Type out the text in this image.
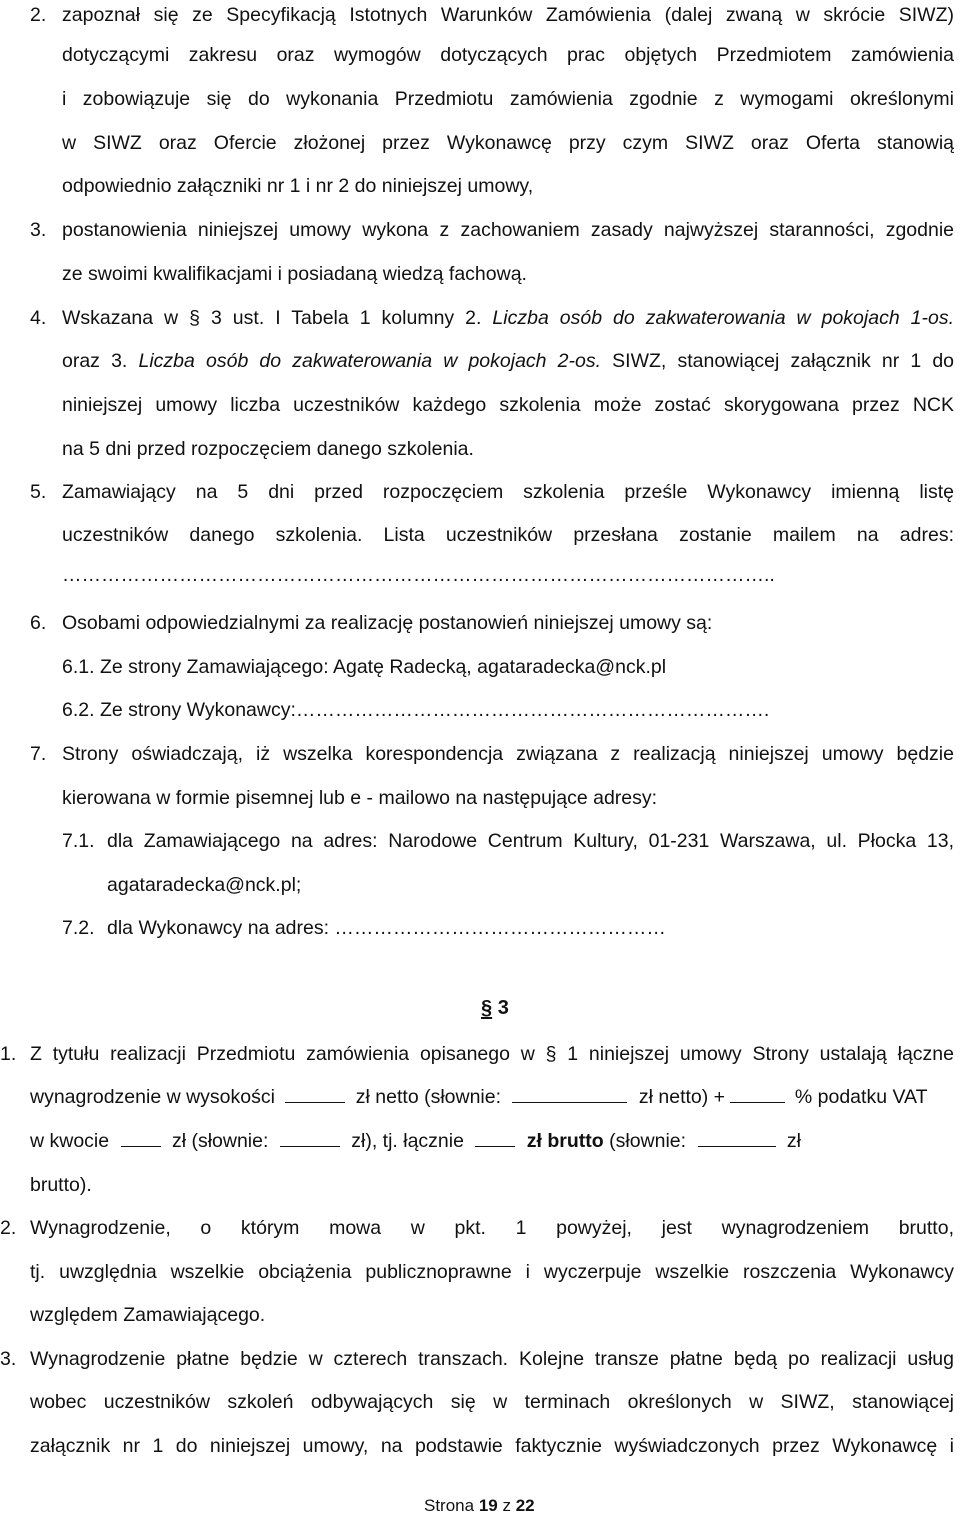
2. zapoznał się ze Specyfikacją Istotnych Warunków Zamówienia (dalej zwaną w skrócie SIWZ)
dotyczącymi zakresu oraz wymogów dotyczących prac objętych Przedmiotem zamówienia
i zobowiązuje się do wykonania Przedmiotu zamówienia zgodnie z wymogami określonymi
w SIWZ oraz Ofercie złożonej przez Wykonawcę przy czym SIWZ oraz Oferta stanowią
odpowiednio załączniki nr 1 i nr 2 do niniejszej umowy,
3. postanowienia niniejszej umowy wykona z zachowaniem zasady najwyższej staranności, zgodnie
ze swoimi kwalifikacjami i posiadaną wiedzą fachową.
4. Wskazana w § 3 ust. I Tabela 1 kolumny 2. Liczba osób do zakwaterowania w pokojach 1-os.
oraz 3. Liczba osób do zakwaterowania w pokojach 2-os. SIWZ, stanowiącej załącznik nr 1 do
niniejszej umowy liczba uczestników każdego szkolenia może zostać skorygowana przez NCK
na 5 dni przed rozpoczęciem danego szkolenia.
5. Zamawiający na 5 dni przed rozpoczęciem szkolenia prześle Wykonawcy imienną listę
uczestników danego szkolenia. Lista uczestników przesłana zostanie mailem na adres:
………………………………………………………………………………………………..
6. Osobami odpowiedzialnymi za realizację postanowień niniejszej umowy są:
6.1. Ze strony Zamawiającego: Agatę Radecką, agataradecka@nck.pl
6.2. Ze strony Wykonawcy:……………………………………………………………….
7. Strony oświadczają, iż wszelka korespondencja związana z realizacją niniejszej umowy będzie
kierowana w formie pisemnej lub e - mailowo na następujące adresy:
7.1. dla Zamawiającego na adres: Narodowe Centrum Kultury, 01-231 Warszawa, ul. Płocka 13,
agataradecka@nck.pl;
7.2. dla Wykonawcy na adres: ……………………………………………
§ 3
1. Z tytułu realizacji Przedmiotu zamówienia opisanego w § 1 niniejszej umowy Strony ustalają łączne
wynagrodzenie w wysokości	zł netto (słownie:	zł netto) +	% podatku VAT
w kwocie	zł (słownie:	zł), tj. łącznie	zł brutto (słownie:	zł
brutto).
2. Wynagrodzenie, o którym mowa w pkt. 1 powyżej, jest wynagrodzeniem brutto,
tj. uwzględnia wszelkie obciążenia publicznoprawne i wyczerpuje wszelkie roszczenia Wykonawcy
względem Zamawiającego.
3. Wynagrodzenie płatne będzie w czterech transzach. Kolejne transze płatne będą po realizacji usług
wobec uczestników szkoleń odbywających się w terminach określonych w SIWZ, stanowiącej
załącznik nr 1 do niniejszej umowy, na podstawie faktycznie wyświadczonych przez Wykonawcę i
Strona 19 z 22
